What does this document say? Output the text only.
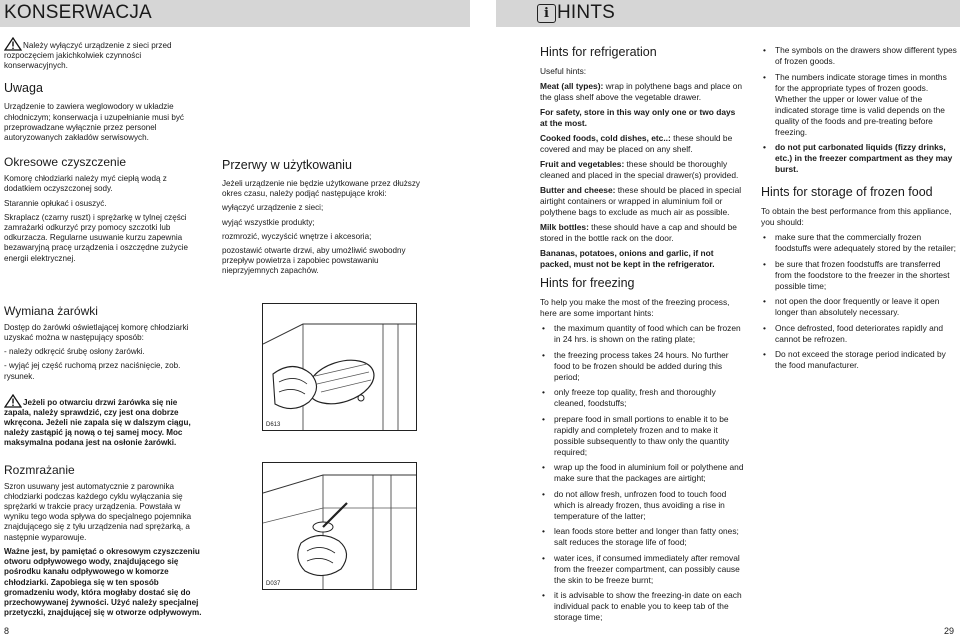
KONSERWACJA	i HINTS

Należy wyłączyć urządzenie z sieci przed rozpoczęciem jakichkolwiek czynności konserwacyjnych.

Uwaga

Urządzenie to zawiera weglowodory w układzie chłodniczym; konserwacja i uzupełnianie musi być przeprowadzane wyłącznie przez personel autoryzowanych zakładów serwisowych.

Okresowe czyszczenie

Komorę chłodziarki należy myć ciepłą wodą z dodatkiem oczyszczonej sody.

Starannie opłukać i osuszyć.

Skraplacz (czarny ruszt) i sprężarkę w tylnej części zamrażarki odkurzyć przy pomocy szczotki lub odkurzacza. Regularne usuwanie kurzu zapewnia bezawaryjną pracę urządzenia i oszczędne zużycie energii elektrycznej.

Wymiana żarówki

Dostęp do żarówki oświetlającej komorę chłodziarki uzyskać można w następujący sposób:

- należy odkręcić śrubę osłony żarówki.

- wyjąć jej część ruchomą przez naciśnięcie, zob. rysunek.

Jeżeli po otwarciu drzwi żarówka się nie zapala, należy sprawdzić, czy jest ona dobrze wkręcona. Jeżeli nie zapala się w dalszym ciągu, należy zastąpić ją nową o tej samej mocy. Moc maksymalna podana jest na osłonie żarówki.

Rozmrażanie

Szron usuwany jest automatycznie z parownika chłodziarki podczas każdego cyklu wyłączania się sprężarki w trakcie pracy urządzenia. Powstała w wyniku tego woda spływa do specjalnego pojemnika znajdującego się z tyłu urządzenia nad sprężarką, a następnie wyparowuje.

Ważne jest, by pamiętać o okresowym czyszczeniu otworu odpływowego wody, znajdującego się pośrodku kanału odpływowego w komorze chłodziarki. Zapobiega się w ten sposób gromadzeniu wody, która mogłaby dostać się do przechowywanej żywności. Użyć należy specjalnej przetyczki, znajdującej się w otworze odpływowym.

Przerwy w użytkowaniu

Jeżeli urządzenie nie będzie użytkowane przez dłuższy okres czasu, należy podjąć następujące kroki:

wyłączyć urządzenie z sieci;

wyjąć wszystkie produkty;

rozmrozić, wyczyścić wnętrze i akcesoria;

pozostawić otwarte drzwi, aby umożliwić swobodny przepływ powietrza i zapobiec powstawaniu nieprzyjemnych zapachów.

D613
D037
Hints for refrigeration

Useful hints:

Meat (all types): wrap in polythene bags and place on the glass shelf above the vegetable drawer.

For safety, store in this way only one or two days at the most.

Cooked foods, cold dishes, etc..: these should be covered and may be placed on any shelf.

Fruit and vegetables: these should be thoroughly cleaned and placed in the special drawer(s) provided.

Butter and cheese: these should be placed in special airtight containers or wrapped in aluminium foil or polythene bags to exclude as much air as possible.

Milk bottles: these should have a cap and should be stored in the bottle rack on the door.

Bananas, potatoes, onions and garlic, if not packed, must not be kept in the refrigerator.

Hints for freezing

To help you make the most of the freezing process, here are some important hints:

• the maximum quantity of food which can be frozen in 24 hrs. is shown on the rating plate;
• the freezing process takes 24 hours. No further food to be frozen should be added during this period;
• only freeze top quality, fresh and thoroughly cleaned, foodstuffs;
• prepare food in small portions to enable it to be rapidly and completely frozen and to make it possible subsequently to thaw only the quantity required;
• wrap up the food in aluminium foil or polythene and make sure that the packages are airtight;
• do not allow fresh, unfrozen food to touch food which is already frozen, thus avoiding a rise in temperature of the latter;
• lean foods store better and longer than fatty ones; salt reduces the storage life of food;
• water ices, if consumed immediately after removal from the freezer compartment, can possibly cause the skin to be freeze burnt;
• it is advisable to show the freezing-in date on each individual pack to enable you to keep tab of the storage time;
• The symbols on the drawers show different types of frozen goods.
• The numbers indicate storage times in months for the appropriate types of frozen goods. Whether the upper or lower value of the indicated storage time is valid depends on the quality of the foods and pre-treating before freezing.
• do not put carbonated liquids (fizzy drinks, etc.) in the freezer compartment as they may burst.
Hints for storage of frozen food

To obtain the best performance from this appliance, you should:

• make sure that the commercially frozen foodstuffs were adequately stored by the retailer;
• be sure that frozen foodstuffs are transferred from the foodstore to the freezer in the shortest possible time;
• not open the door frequently or leave it open longer than absolutely necessary.
• Once defrosted, food deteriorates rapidly and cannot be refrozen.
• Do not exceed the storage period indicated by the food manufacturer.
8	29
